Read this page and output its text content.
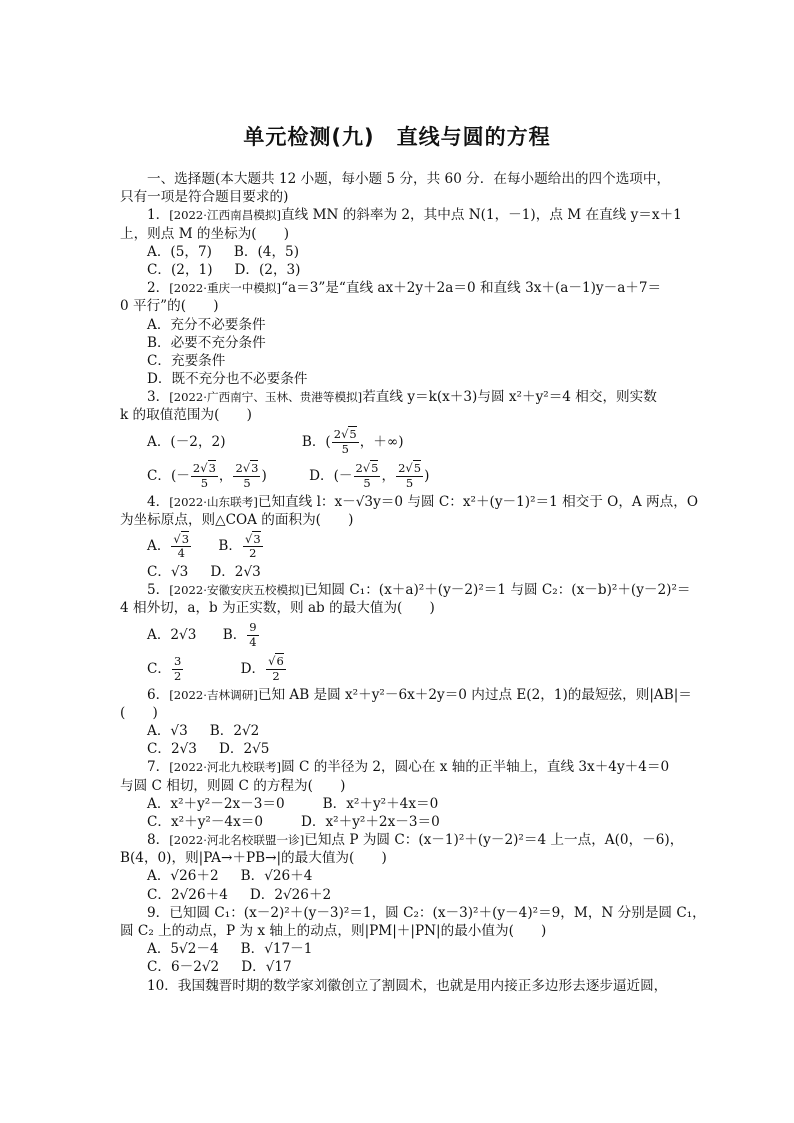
单元检测(九)　直线与圆的方程
一、选择题(本大题共 12 小题，每小题 5 分，共 60 分．在每小题给出的四个选项中，
只有一项是符合题目要求的)
1．[2022·江西南昌模拟]直线 MN 的斜率为 2，其中点 N(1，－1)，点 M 在直线 y＝x＋1
上，则点 M 的坐标为(　　)
A．(5，7) B．(4，5)
C．(2，1) D．(2，3)
2．[2022·重庆一中模拟]“a＝3”是“直线 ax＋2y＋2a＝0 和直线 3x＋(a－1)y－a＋7＝
0 平行”的(　　)
A．充分不必要条件
B．必要不充分条件
C．充要条件
D．既不充分也不必要条件
3．[2022·广西南宁、玉林、贵港等模拟]若直线 y＝k(x＋3)与圆 x²＋y²＝4 相交，则实数
k 的取值范围为(　　)
A．(－2，2)	B．( $\frac{2√5}{5}$ ，＋∞)
C．(－ $\frac{2√3}{5}$ ， $\frac{2√3}{5}$ )	D．(－ $\frac{2√5}{5}$ ， $\frac{2√5}{5}$ )
4．[2022·山东联考]已知直线 l：x－√3y＝0 与圆 C：x²＋(y－1)²＝1 相交于 O，A 两点，O
为坐标原点，则△COA 的面积为(　　)
A． $\frac{√3}{4}$ B． $\frac{√3}{2}$
C．√3 D．2√3
5．[2022·安徽安庆五校模拟]已知圆 C₁：(x＋a)²＋(y－2)²＝1 与圆 C₂：(x－b)²＋(y－2)²＝
4 相外切，a，b 为正实数，则 ab 的最大值为(　　)
A．2√3 B． $\frac{9}{4}$
C． $\frac{3}{2}$	D． $\frac{√6}{2}$
6．[2022·吉林调研]已知 AB 是圆 x²＋y²－6x＋2y＝0 内过点 E(2，1)的最短弦，则|AB|＝
(　　)
A．√3 B．2√2
C．2√3 D．2√5
7．[2022·河北九校联考]圆 C 的半径为 2，圆心在 x 轴的正半轴上，直线 3x＋4y＋4＝0
与圆 C 相切，则圆 C 的方程为(　　)
A．x²＋y²－2x－3＝0	B．x²＋y²＋4x＝0
C．x²＋y²－4x＝0	D．x²＋y²＋2x－3＝0
8．[2022·河北名校联盟一诊]已知点 P 为圆 C：(x－1)²＋(y－2)²＝4 上一点，A(0，－6)，
B(4，0)，则|PA→＋PB→|的最大值为(　　)
A．√26＋2 B．√26＋4
C．2√26＋4 D．2√26＋2
9．已知圆 C₁：(x－2)²＋(y－3)²＝1，圆 C₂：(x－3)²＋(y－4)²＝9，M，N 分别是圆 C₁，
圆 C₂ 上的动点，P 为 x 轴上的动点，则|PM|＋|PN|的最小值为(　　)
A．5√2－4 B．√17－1
C．6－2√2 D．√17
10．我国魏晋时期的数学家刘徽创立了割圆术，也就是用内接正多边形去逐步逼近圆，
